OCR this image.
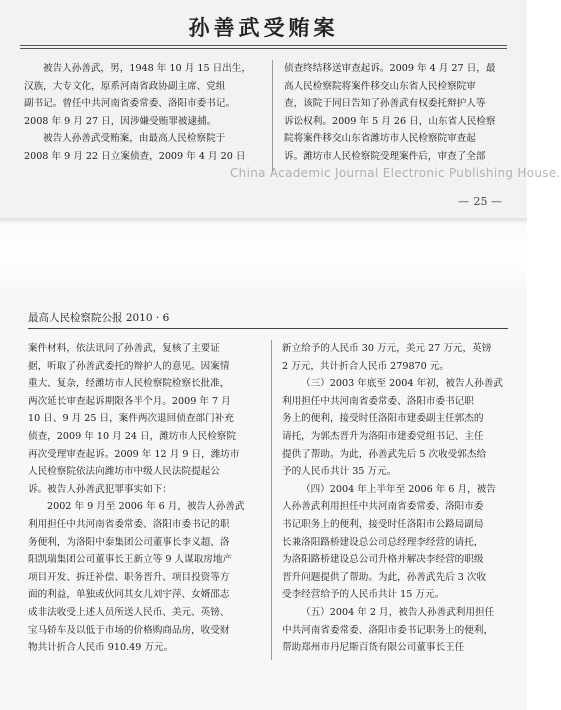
孙善武受贿案
被告人孙善武，男，1948 年 10 月 15 日出生，
汉族，大专文化，原系河南省政协副主席、党组
副书记。曾任中共河南省委常委、洛阳市委书记。
2008 年 9 月 27 日，因涉嫌受贿罪被逮捕。
被告人孙善武受贿案，由最高人民检察院于
2008 年 9 月 22 日立案侦查，2009 年 4 月 20 日
侦查终结移送审查起诉。2009 年 4 月 27 日，最
高人民检察院将案件移交山东省人民检察院审
查，该院于同日告知了孙善武有权委托辩护人等
诉讼权利。2009 年 5 月 26 日，山东省人民检察
院将案件移交山东省潍坊市人民检察院审查起
诉。潍坊市人民检察院受理案件后，审查了全部
China Academic Journal Electronic Publishing House.
— 25 —
最高人民检察院公报 2010 · 6
案件材料，依法讯问了孙善武，复核了主要证
据，听取了孙善武委托的辩护人的意见。因案情
重大、复杂，经潍坊市人民检察院检察长批准，
两次延长审查起诉期限各半个月。2009 年 7 月
10 日、9 月 25 日，案件两次退回侦查部门补充
侦查，2009 年 10 月 24 日，潍坊市人民检察院
再次受理审查起诉。2009 年 12 月 9 日，潍坊市
人民检察院依法向潍坊市中级人民法院提起公
诉。被告人孙善武犯罪事实如下：
2002 年 9 月至 2006 年 6 月，被告人孙善武
利用担任中共河南省委常委、洛阳市委书记的职
务便利，为洛阳中泰集团公司董事长李义超、洛
阳凯瑞集团公司董事长王新立等 9 人谋取房地产
项目开发、拆迁补偿、职务晋升、项目投资等方
面的利益，单独或伙同其女儿刘宇萍、女婿邵志
成非法收受上述人员所送人民币、美元、英镑、
宝马轿车及以低于市场的价格购商品房，收受财
物共计折合人民币 910.49 万元。
新立给予的人民币 30 万元，美元 27 万元，英镑
2 万元，共计折合人民币 279870 元。
（三）2003 年底至 2004 年初，被告人孙善武
利用担任中共河南省委常委、洛阳市委书记职
务上的便利，接受时任洛阳市建委副主任郭杰的
请托，为郭杰晋升为洛阳市建委党组书记、主任
提供了帮助。为此，孙善武先后 5 次收受郭杰给
予的人民币共计 35 万元。
（四）2004 年上半年至 2006 年 6 月，被告
人孙善武利用担任中共河南省委常委、洛阳市委
书记职务上的便利，接受时任洛阳市公路局副局
长兼洛阳路桥建设总公司总经理李经营的请托，
为洛阳路桥建设总公司升格并解决李经营的职级
晋升问题提供了帮助。为此，孙善武先后 3 次收
受李经营给予的人民币共计 15 万元。
（五）2004 年 2 月，被告人孙善武利用担任
中共河南省委常委、洛阳市委书记职务上的便利，
帮助郑州市丹尼斯百货有限公司董事长王任
